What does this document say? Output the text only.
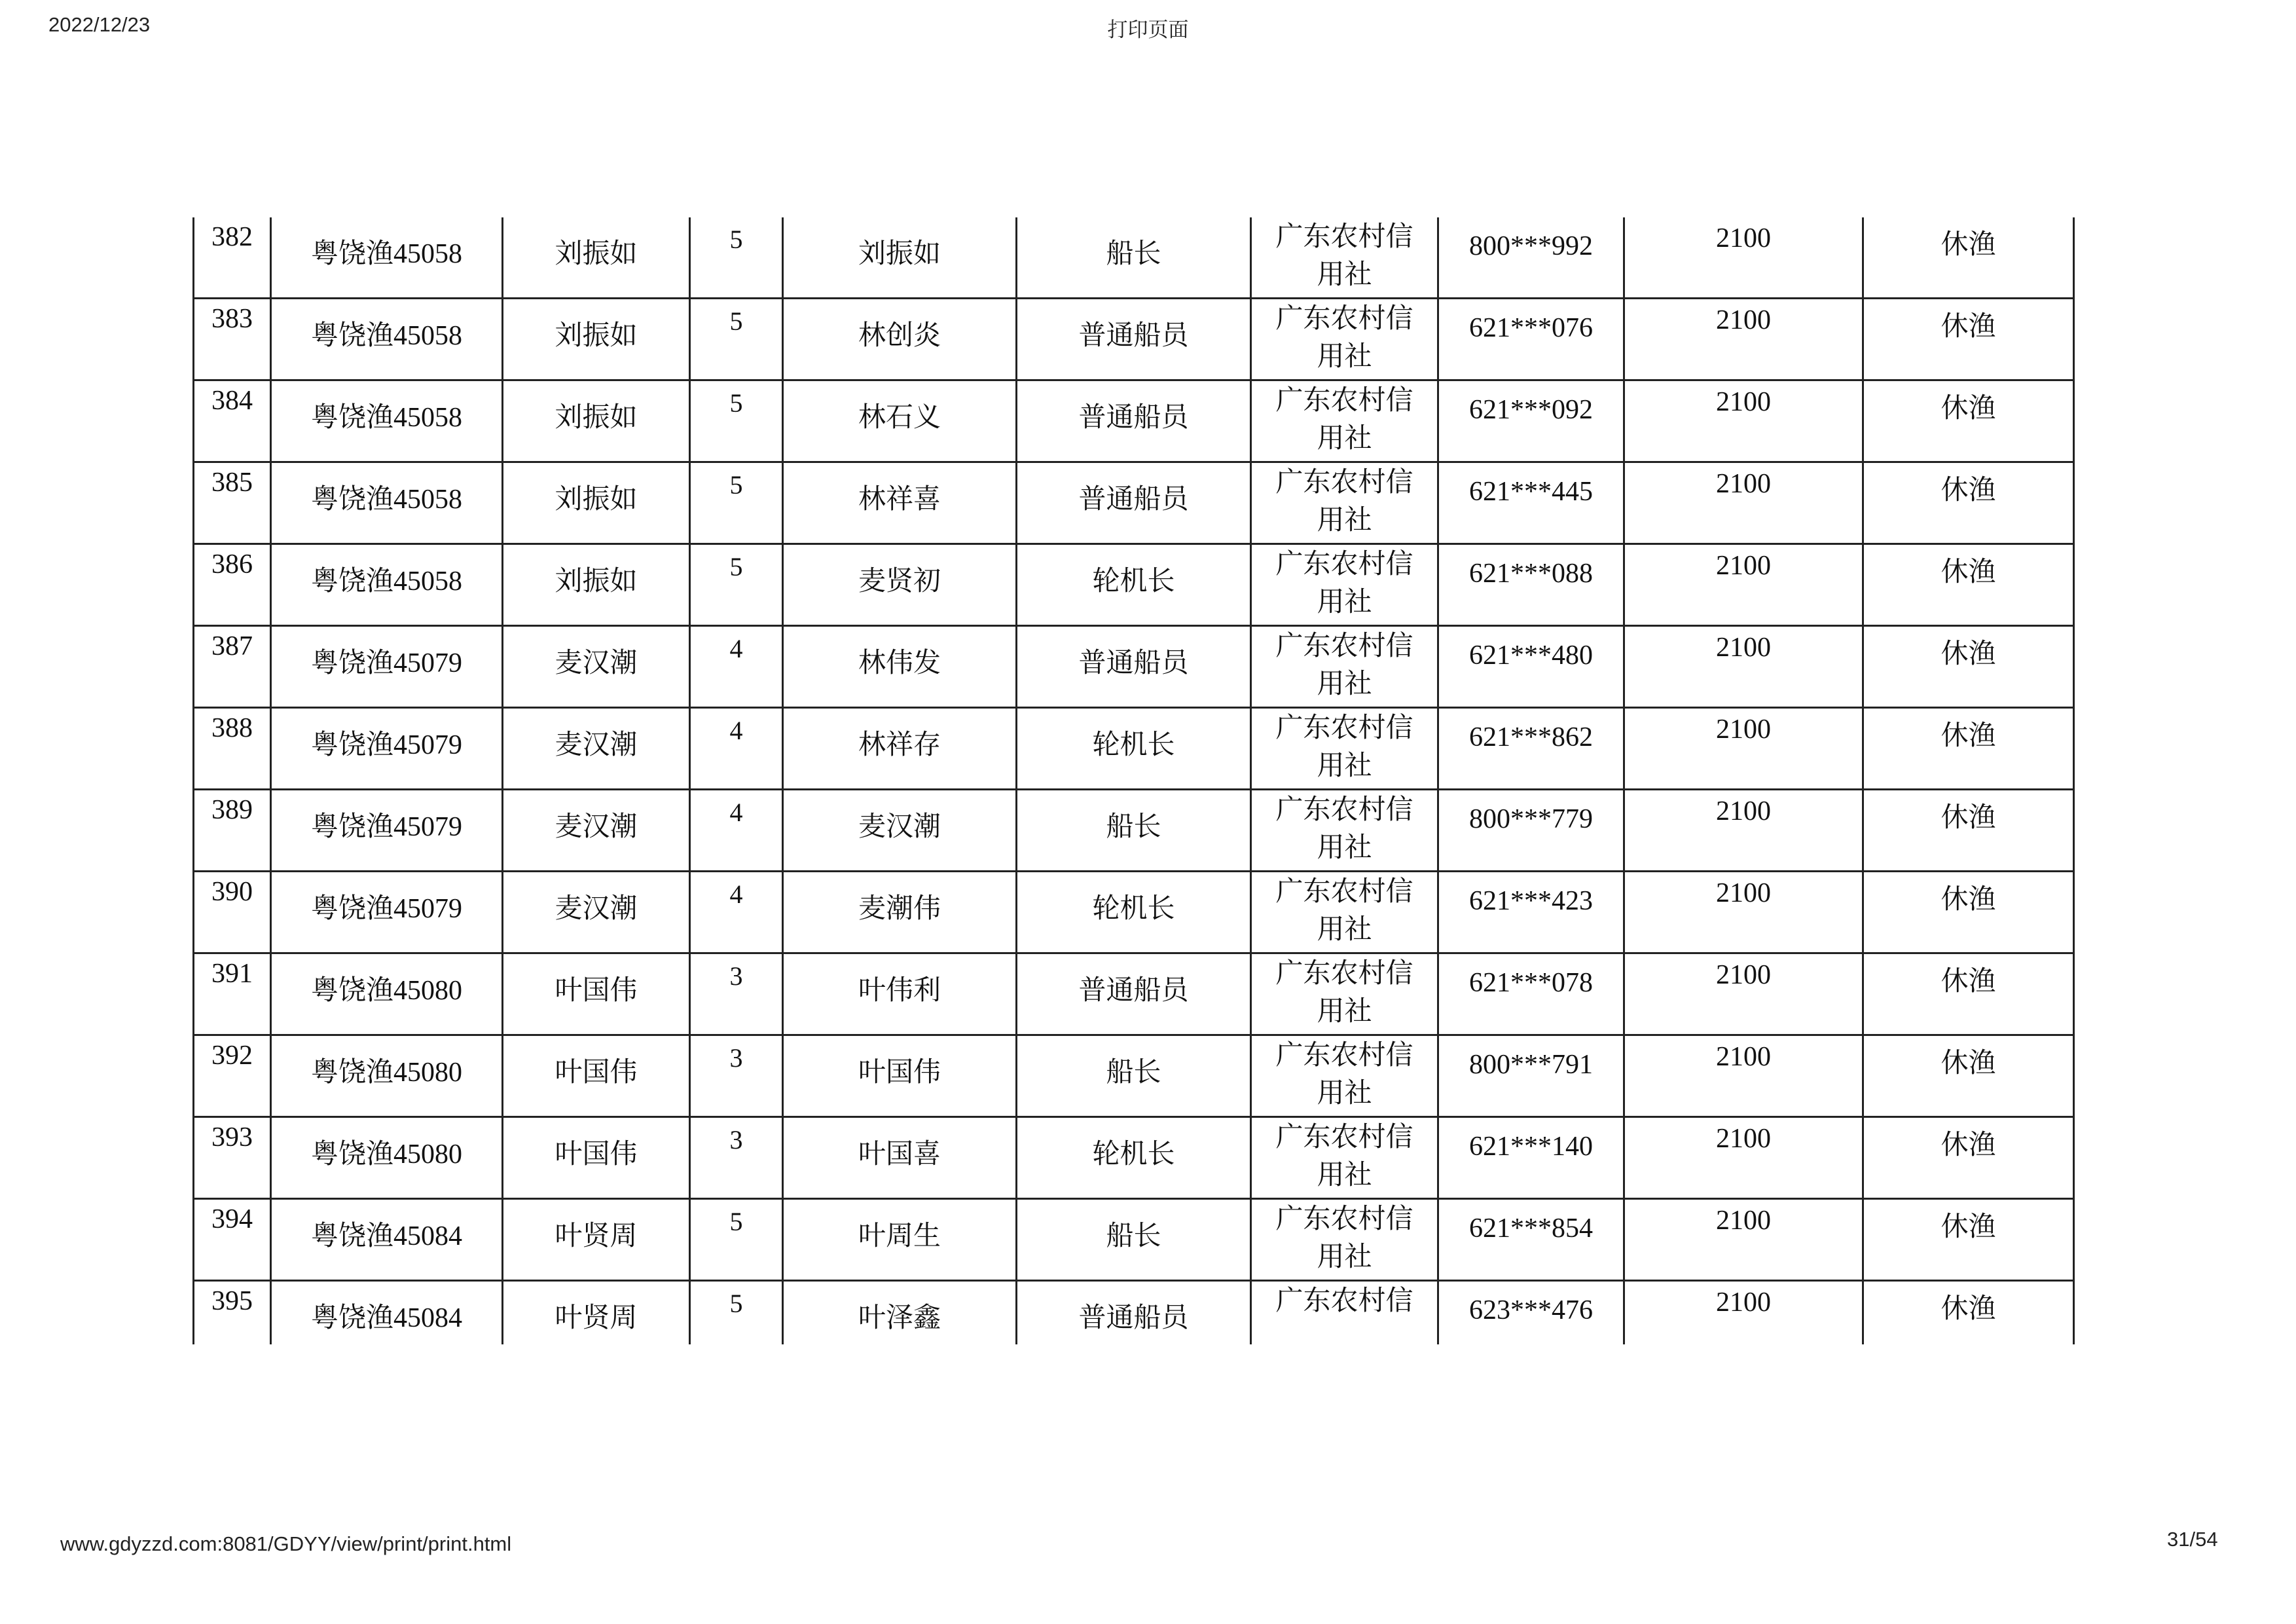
2022/12/23	打印页面
382	粤饶渔45058	刘振如	5	刘振如	船长	广东农村信
用社	800***992	2100	休渔

383	粤饶渔45058	刘振如	5	林创炎	普通船员	广东农村信
用社	621***076	2100	休渔

384	粤饶渔45058	刘振如	5	林石义	普通船员	广东农村信
用社	621***092	2100	休渔

385	粤饶渔45058	刘振如	5	林祥喜	普通船员	广东农村信
用社	621***445	2100	休渔

386	粤饶渔45058	刘振如	5	麦贤初	轮机长	广东农村信
用社	621***088	2100	休渔

387	粤饶渔45079	麦汉潮	4	林伟发	普通船员	广东农村信
用社	621***480	2100	休渔

388	粤饶渔45079	麦汉潮	4	林祥存	轮机长	广东农村信
用社	621***862	2100	休渔

389	粤饶渔45079	麦汉潮	4	麦汉潮	船长	广东农村信
用社	800***779	2100	休渔

390	粤饶渔45079	麦汉潮	4	麦潮伟	轮机长	广东农村信
用社	621***423	2100	休渔

391	粤饶渔45080	叶国伟	3	叶伟利	普通船员	广东农村信
用社	621***078	2100	休渔

392	粤饶渔45080	叶国伟	3	叶国伟	船长	广东农村信
用社	800***791	2100	休渔

393	粤饶渔45080	叶国伟	3	叶国喜	轮机长	广东农村信
用社	621***140	2100	休渔

394	粤饶渔45084	叶贤周	5	叶周生	船长	广东农村信
用社	621***854	2100	休渔

395	粤饶渔45084	叶贤周	5	叶泽鑫	普通船员	广东农村信	623***476	2100	休渔
www.gdyzzd.com:8081/GDYY/view/print/print.html	31/54
